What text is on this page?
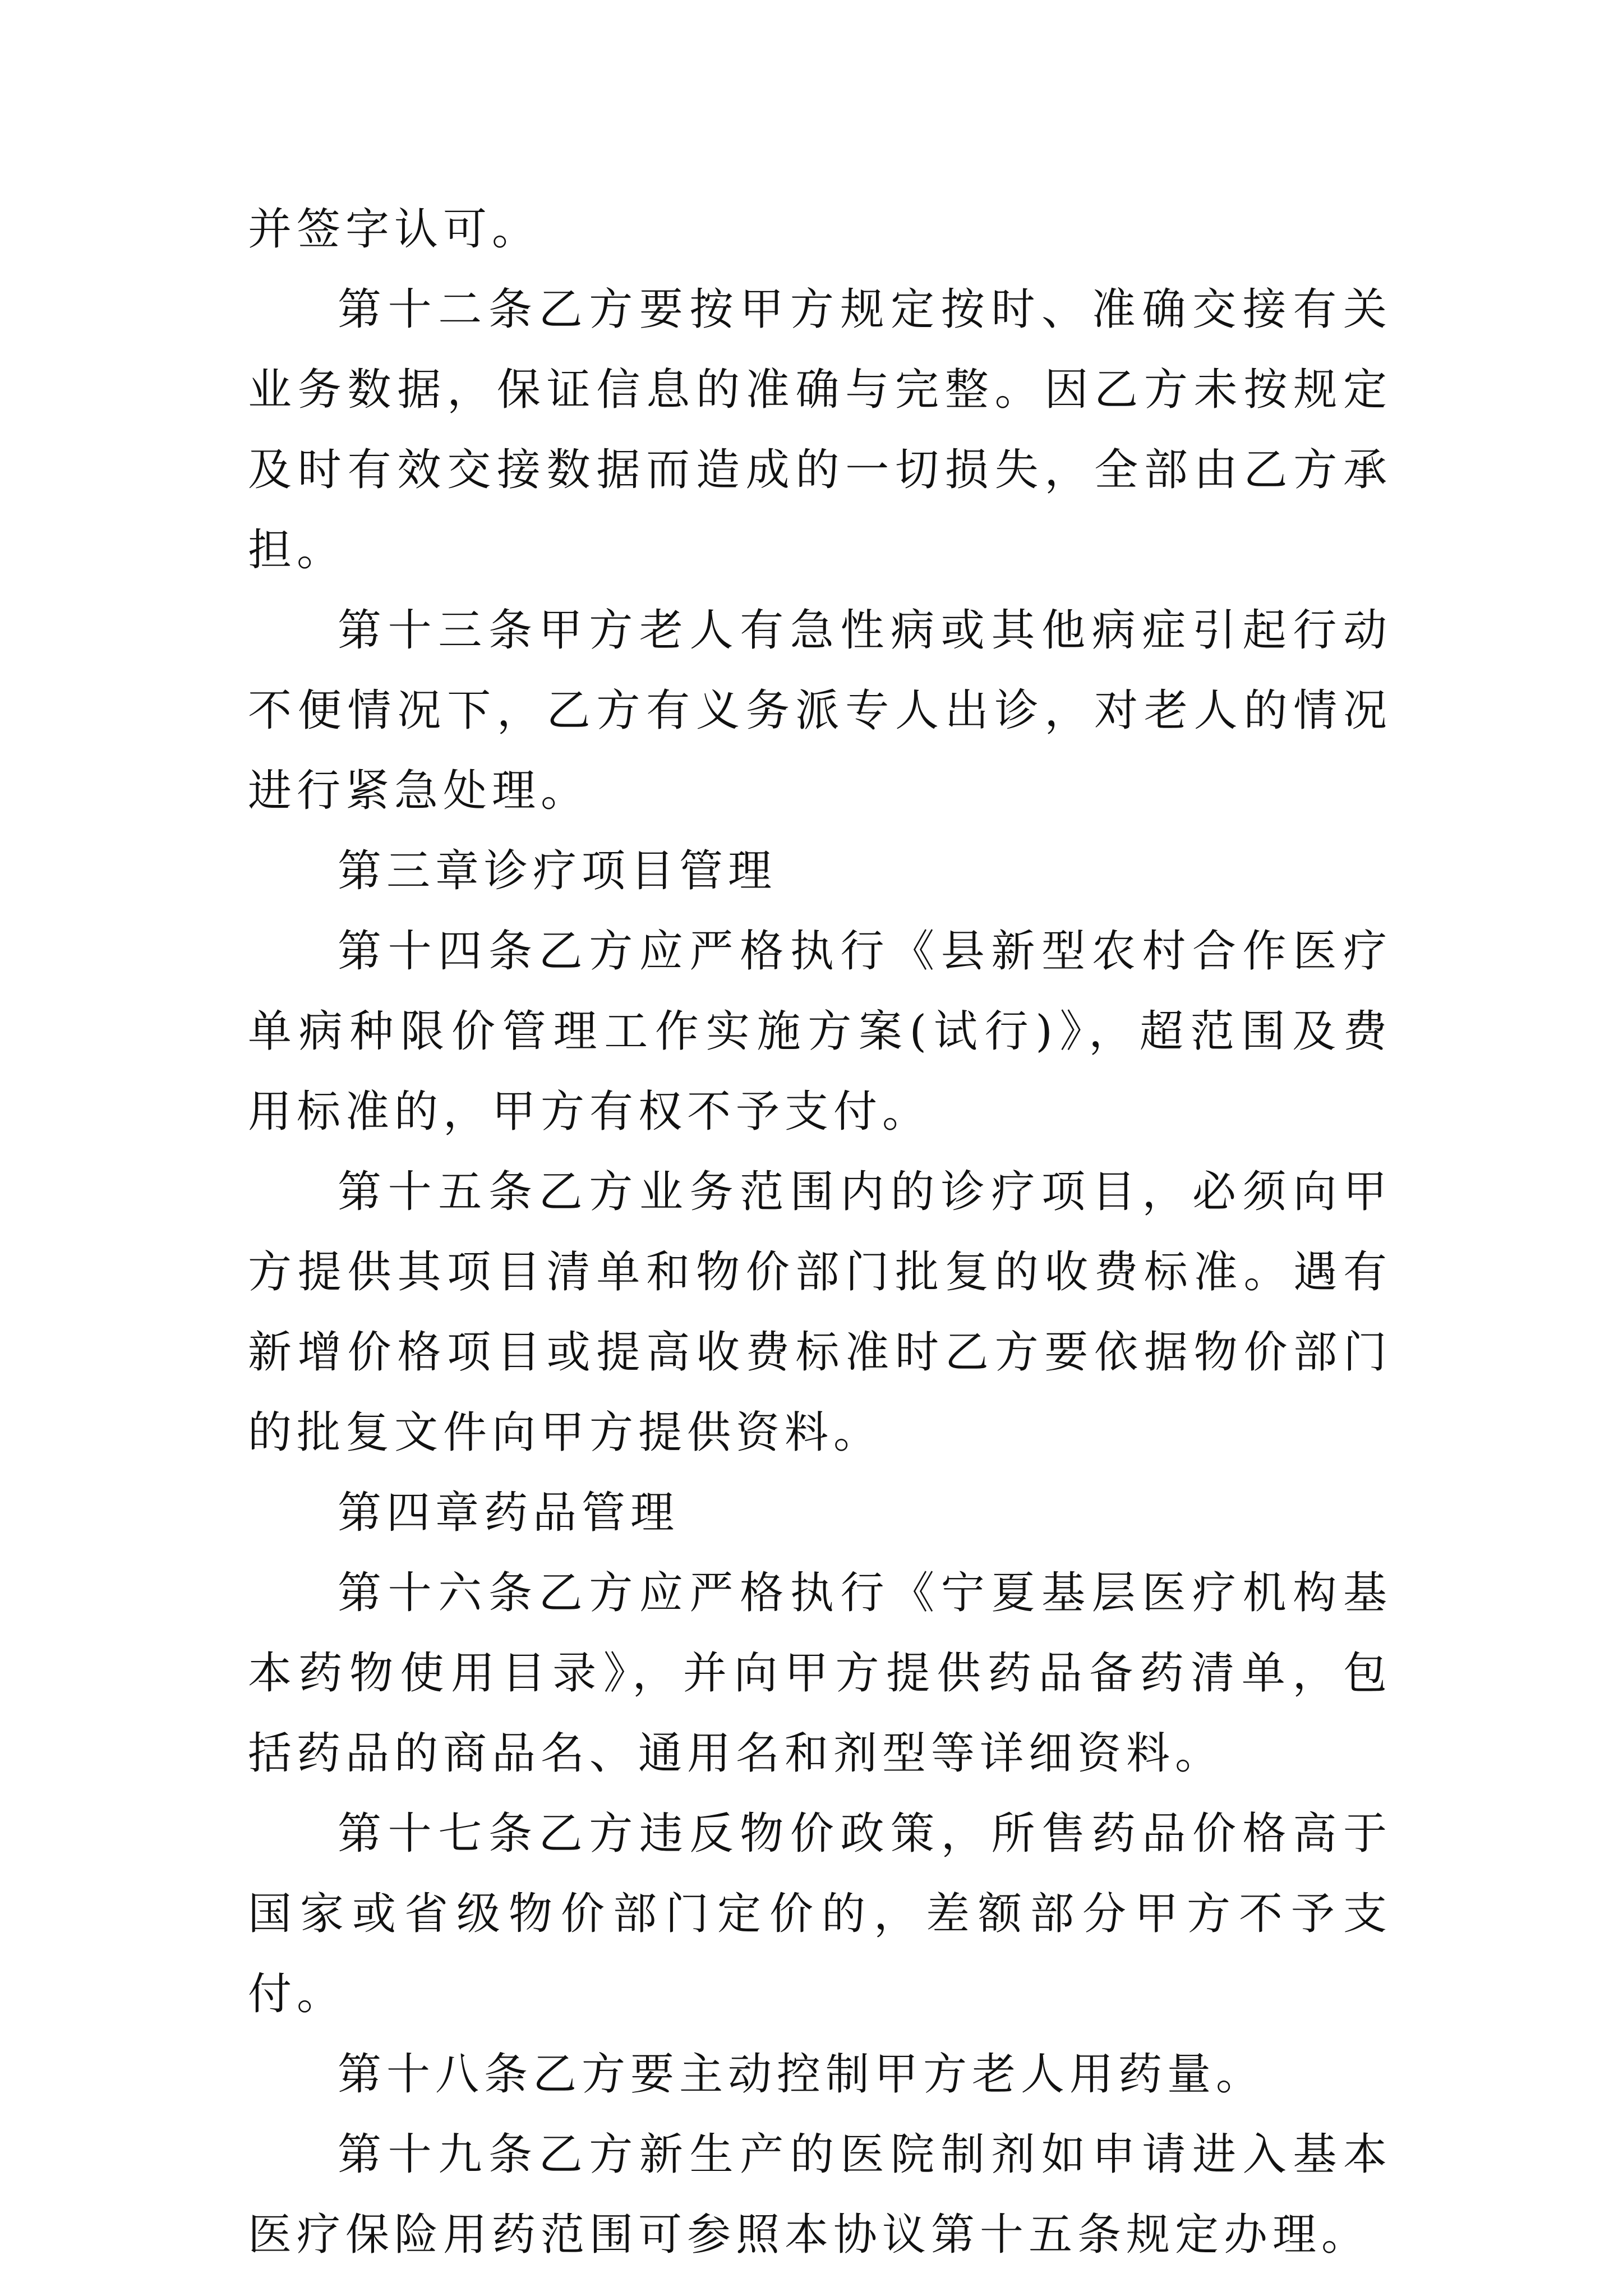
并签字认可。

第十二条乙方要按甲方规定按时、准确交接有关业务数据，保证信息的准确与完整。因乙方未按规定及时有效交接数据而造成的一切损失，全部由乙方承担。

第十三条甲方老人有急性病或其他病症引起行动不便情况下，乙方有义务派专人出诊，对老人的情况进行紧急处理。

第三章诊疗项目管理

第十四条乙方应严格执行《县新型农村合作医疗单病种限价管理工作实施方案(试行)》，超范围及费用标准的，甲方有权不予支付。

第十五条乙方业务范围内的诊疗项目，必须向甲方提供其项目清单和物价部门批复的收费标准。遇有新增价格项目或提高收费标准时乙方要依据物价部门的批复文件向甲方提供资料。

第四章药品管理

第十六条乙方应严格执行《宁夏基层医疗机构基本药物使用目录》，并向甲方提供药品备药清单，包括药品的商品名、通用名和剂型等详细资料。

第十七条乙方违反物价政策，所售药品价格高于国家或省级物价部门定价的，差额部分甲方不予支付。

第十八条乙方要主动控制甲方老人用药量。

第十九条乙方新生产的医院制剂如申请进入基本医疗保险用药范围可参照本协议第十五条规定办理。
